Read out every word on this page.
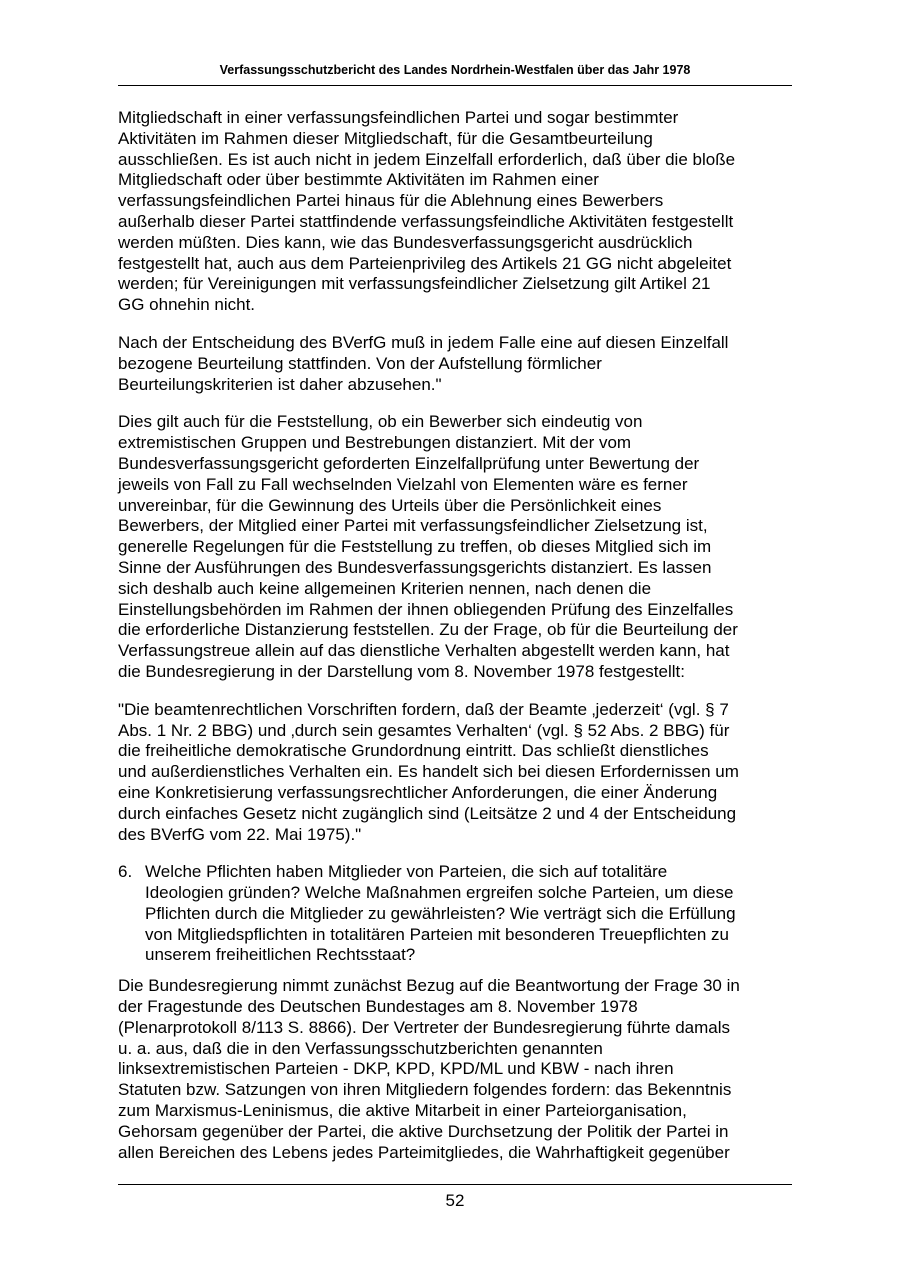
Verfassungsschutzbericht des Landes Nordrhein-Westfalen über das Jahr 1978

Mitgliedschaft in einer verfassungsfeindlichen Partei und sogar bestimmter
Aktivitäten im Rahmen dieser Mitgliedschaft, für die Gesamtbeurteilung
ausschließen. Es ist auch nicht in jedem Einzelfall erforderlich, daß über die bloße
Mitgliedschaft oder über bestimmte Aktivitäten im Rahmen einer
verfassungsfeindlichen Partei hinaus für die Ablehnung eines Bewerbers
außerhalb dieser Partei stattfindende verfassungsfeindliche Aktivitäten festgestellt
werden müßten. Dies kann, wie das Bundesverfassungsgericht ausdrücklich
festgestellt hat, auch aus dem Parteienprivileg des Artikels 21 GG nicht abgeleitet
werden; für Vereinigungen mit verfassungsfeindlicher Zielsetzung gilt Artikel 21
GG ohnehin nicht.

Nach der Entscheidung des BVerfG muß in jedem Falle eine auf diesen Einzelfall
bezogene Beurteilung stattfinden. Von der Aufstellung förmlicher
Beurteilungskriterien ist daher abzusehen."

Dies gilt auch für die Feststellung, ob ein Bewerber sich eindeutig von
extremistischen Gruppen und Bestrebungen distanziert. Mit der vom
Bundesverfassungsgericht geforderten Einzelfallprüfung unter Bewertung der
jeweils von Fall zu Fall wechselnden Vielzahl von Elementen wäre es ferner
unvereinbar, für die Gewinnung des Urteils über die Persönlichkeit eines
Bewerbers, der Mitglied einer Partei mit verfassungsfeindlicher Zielsetzung ist,
generelle Regelungen für die Feststellung zu treffen, ob dieses Mitglied sich im
Sinne der Ausführungen des Bundesverfassungsgerichts distanziert. Es lassen
sich deshalb auch keine allgemeinen Kriterien nennen, nach denen die
Einstellungsbehörden im Rahmen der ihnen obliegenden Prüfung des Einzelfalles
die erforderliche Distanzierung feststellen. Zu der Frage, ob für die Beurteilung der
Verfassungstreue allein auf das dienstliche Verhalten abgestellt werden kann, hat
die Bundesregierung in der Darstellung vom 8. November 1978 festgestellt:

"Die beamtenrechtlichen Vorschriften fordern, daß der Beamte ‚jederzeit‘ (vgl. § 7
Abs. 1 Nr. 2 BBG) und ‚durch sein gesamtes Verhalten‘ (vgl. § 52 Abs. 2 BBG) für
die freiheitliche demokratische Grundordnung eintritt. Das schließt dienstliches
und außerdienstliches Verhalten ein. Es handelt sich bei diesen Erfordernissen um
eine Konkretisierung verfassungsrechtlicher Anforderungen, die einer Änderung
durch einfaches Gesetz nicht zugänglich sind (Leitsätze 2 und 4 der Entscheidung
des BVerfG vom 22. Mai 1975)."

6. Welche Pflichten haben Mitglieder von Parteien, die sich auf totalitäre
Ideologien gründen? Welche Maßnahmen ergreifen solche Parteien, um diese
Pflichten durch die Mitglieder zu gewährleisten? Wie verträgt sich die Erfüllung
von Mitgliedspflichten in totalitären Parteien mit besonderen Treuepflichten zu
unserem freiheitlichen Rechtsstaat?

Die Bundesregierung nimmt zunächst Bezug auf die Beantwortung der Frage 30 in
der Fragestunde des Deutschen Bundestages am 8. November 1978
(Plenarprotokoll 8/113 S. 8866). Der Vertreter der Bundesregierung führte damals
u. a. aus, daß die in den Verfassungsschutzberichten genannten
linksextremistischen Parteien - DKP, KPD, KPD/ML und KBW - nach ihren
Statuten bzw. Satzungen von ihren Mitgliedern folgendes fordern: das Bekenntnis
zum Marxismus-Leninismus, die aktive Mitarbeit in einer Parteiorganisation,
Gehorsam gegenüber der Partei, die aktive Durchsetzung der Politik der Partei in
allen Bereichen des Lebens jedes Parteimitgliedes, die Wahrhaftigkeit gegenüber

52
